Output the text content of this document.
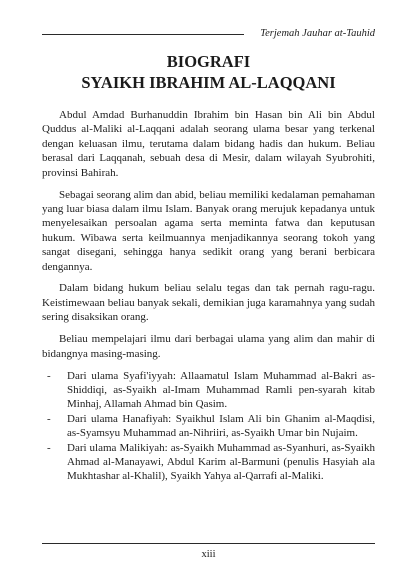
Terjemah Jauhar at-Tauhid
BIOGRAFI
SYAIKH IBRAHIM AL-LAQQANI

Abdul Amdad Burhanuddin Ibrahim bin Hasan bin Ali bin Abdul Quddus al-Maliki al-Laqqani adalah seorang ulama besar yang terkenal dengan keluasan ilmu, terutama dalam bidang hadis dan hukum. Beliau berasal dari Laqqanah, sebuah desa di Mesir, dalam wilayah Syubrohiti, provinsi Bahirah.

Sebagai seorang alim dan abid, beliau memiliki kedalaman pemahaman yang luar biasa dalam ilmu Islam. Banyak orang merujuk kepadanya untuk menyelesaikan persoalan agama serta meminta fatwa dan keputusan hukum. Wibawa serta keilmuannya menjadikannya seorang tokoh yang sangat disegani, sehingga hanya sedikit orang yang berani berbicara dengannya.

Dalam bidang hukum beliau selalu tegas dan tak pernah ragu-ragu. Keistimewaan beliau banyak sekali, demikian juga karamahnya yang sudah sering disaksikan orang.

Beliau mempelajari ilmu dari berbagai ulama yang alim dan mahir di bidangnya masing-masing.

- Dari ulama Syafi'iyyah: Allaamatul Islam Muhammad al-Bakri as-Shiddiqi, as-Syaikh al-Imam Muhammad Ramli pen-syarah kitab Minhaj, Allamah Ahmad bin Qasim.
- Dari ulama Hanafiyah: Syaikhul Islam Ali bin Ghanim al-Maqdisi, as-Syamsyu Muhammad an-Nihriiri, as-Syaikh Umar bin Nujaim.
- Dari ulama Malikiyah: as-Syaikh Muhammad as-Syanhuri, as-Syaikh Ahmad al-Manayawi, Abdul Karim al-Barmuni (penulis Hasyiah ala Mukhtashar al-Khalil), Syaikh Yahya al-Qarrafi al-Maliki.
xiii
